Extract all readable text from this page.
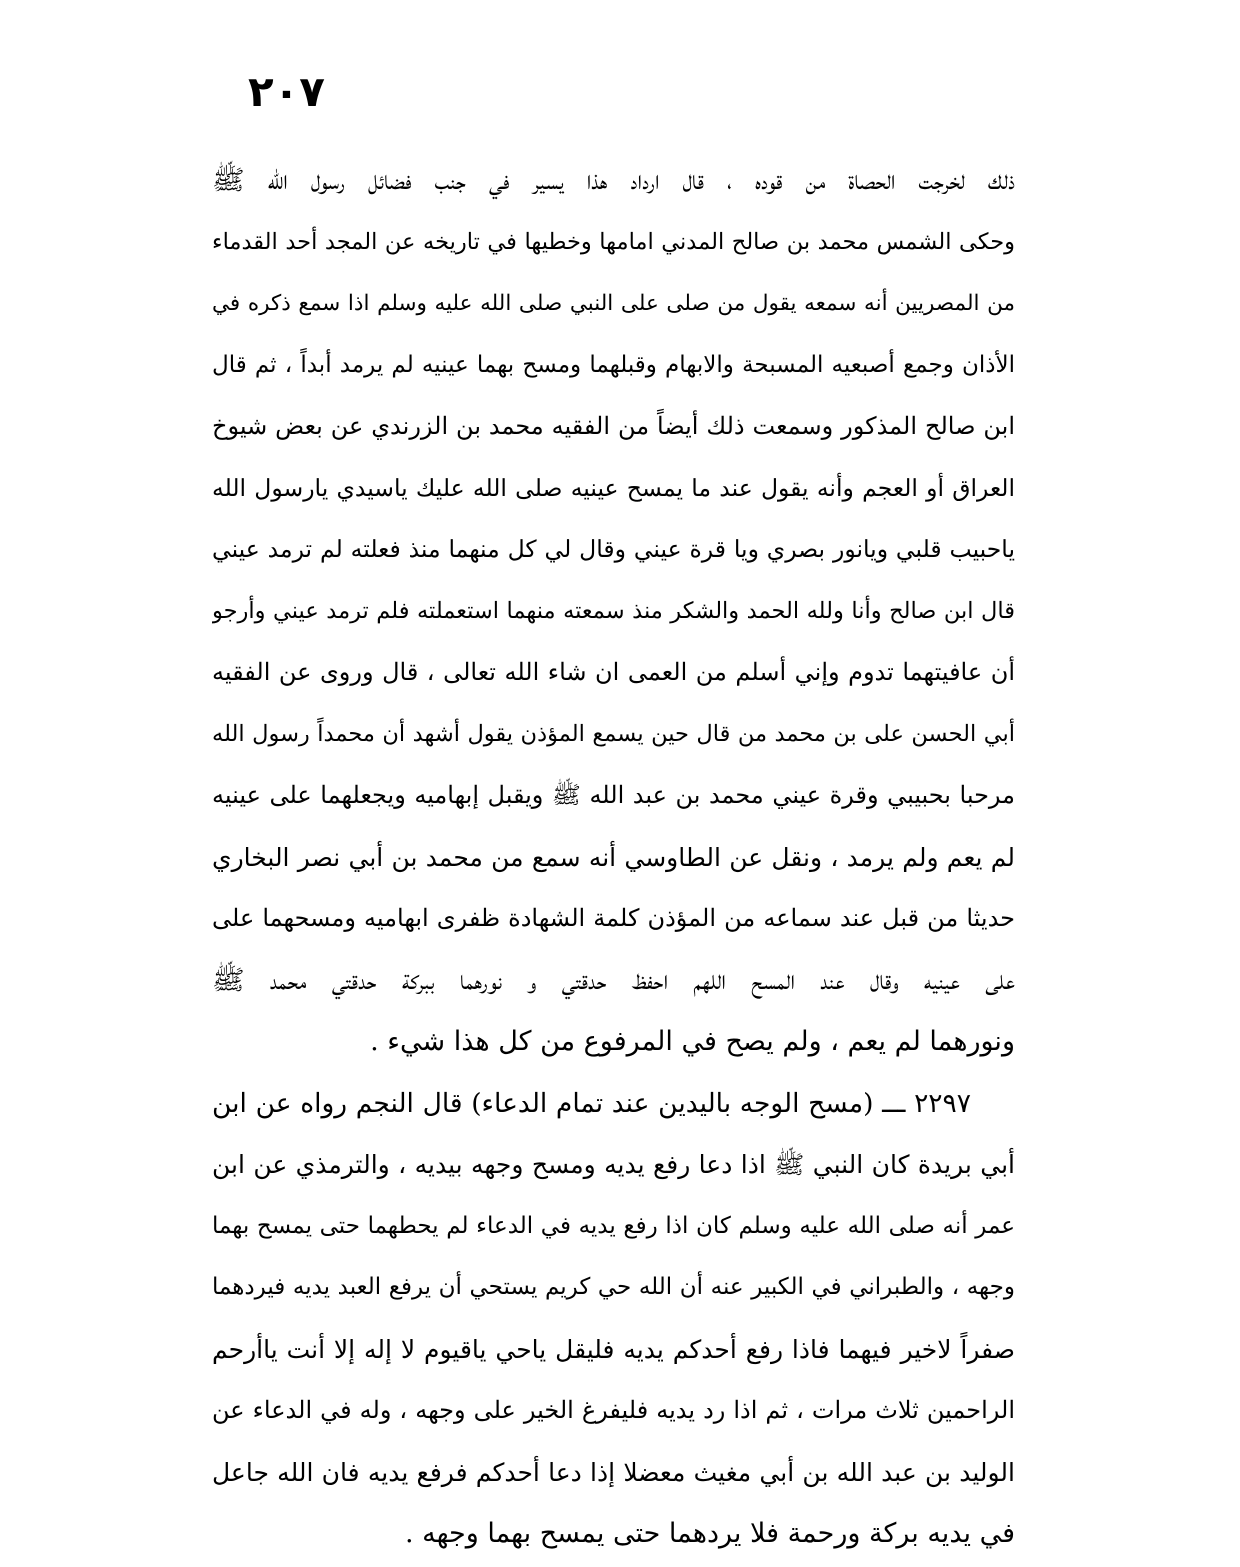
٢٠٧
ذلك لخرجت الحصاة من قوده ، قال ارداد هذا يسير في جنب فضائل رسول الله ﷺ
وحكى الشمس محمد بن صالح المدني امامها وخطيها في تاريخه عن المجد أحد القدماء
من المصريين أنه سمعه يقول من صلى على النبي صلى الله عليه وسلم اذا سمع ذكره في
الأذان وجمع أصبعيه المسبحة والابهام وقبلهما ومسح بهما عينيه لم يرمد أبداً ، ثم قال
ابن صالح المذكور وسمعت ذلك أيضاً من الفقيه محمد بن الزرندي عن بعض شيوخ
العراق أو العجم وأنه يقول عند ما يمسح عينيه صلى الله عليك ياسيدي يارسول الله
ياحبيب قلبي ويانور بصري ويا قرة عيني وقال لي كل منهما منذ فعلته لم ترمد عيني
قال ابن صالح وأنا ولله الحمد والشكر منذ سمعته منهما استعملته فلم ترمد عيني وأرجو
أن عافيتهما تدوم وإني أسلم من العمى ان شاء الله تعالى ، قال وروى عن الفقيه
أبي الحسن على بن محمد من قال حين يسمع المؤذن يقول أشهد أن محمداً رسول الله
مرحبا بحبيبي وقرة عيني محمد بن عبد الله ﷺ ويقبل إبهاميه ويجعلهما على عينيه
لم يعم ولم يرمد ، ونقل عن الطاوسي أنه سمع من محمد بن أبي نصر البخاري
حديثا من قبل عند سماعه من المؤذن كلمة الشهادة ظفرى ابهاميه ومسحهما على
على عينيه وقال عند المسح اللهم احفظ حدقتي و نورهما ببركة حدقتي محمد ﷺ
ونورهما لم يعم ، ولم يصح في المرفوع من كل هذا شيء .
٢٢٩٧ ـــ (مسح الوجه باليدين عند تمام الدعاء) قال النجم رواه عن ابن
أبي بريدة كان النبي ﷺ اذا دعا رفع يديه ومسح وجهه بيديه ، والترمذي عن ابن
عمر أنه صلى الله عليه وسلم كان اذا رفع يديه في الدعاء لم يحطهما حتى يمسح بهما
وجهه ، والطبراني في الكبير عنه أن الله حي كريم يستحي أن يرفع العبد يديه فيردهما
صفراً لاخير فيهما فاذا رفع أحدكم يديه فليقل ياحي ياقيوم لا إله إلا أنت ياأرحم
الراحمين ثلاث مرات ، ثم اذا رد يديه فليفرغ الخير على وجهه ، وله في الدعاء عن
الوليد بن عبد الله بن أبي مغيث معضلا إذا دعا أحدكم فرفع يديه فان الله جاعل
في يديه بركة ورحمة فلا يردهما حتى يمسح بهما وجهه .
